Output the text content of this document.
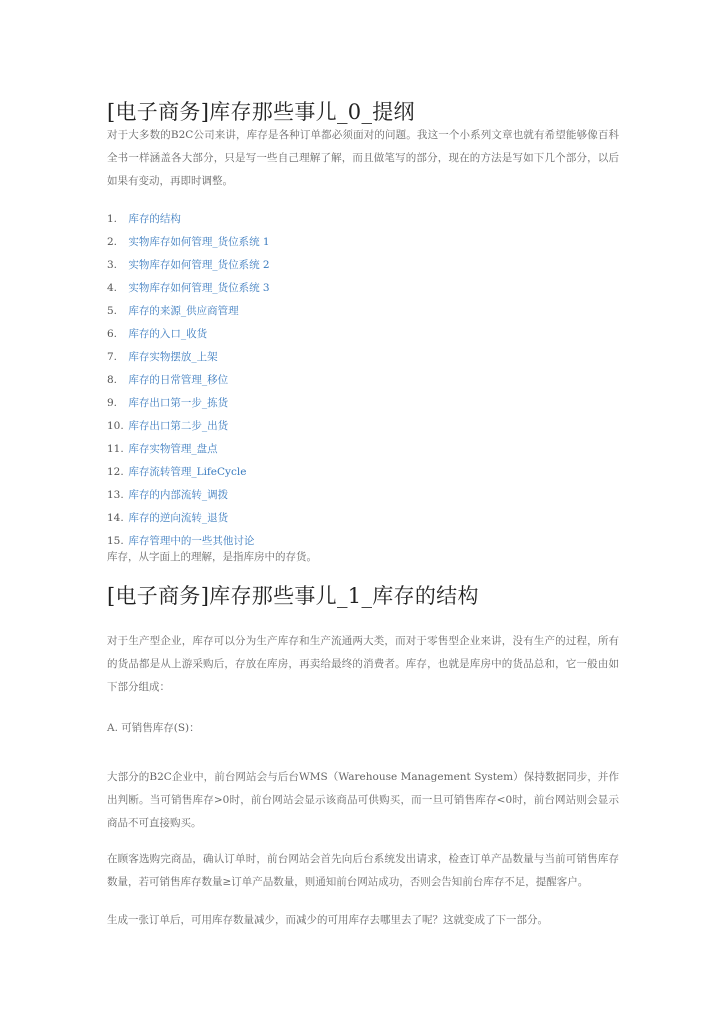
[电子商务]库存那些事儿_0_提纲

对于大多数的B2C公司来讲，库存是各种订单都必须面对的问题。我这一个小系列文章也就有希望能够像百科全书一样涵盖各大部分，只是写一些自己理解了解，而且做笔写的部分，现在的方法是写如下几个部分，以后如果有变动，再即时调整。

1. 库存的结构
2. 实物库存如何管理_货位系统 1
3. 实物库存如何管理_货位系统 2
4. 实物库存如何管理_货位系统 3
5. 库存的来源_供应商管理
6. 库存的入口_收货
7. 库存实物摆放_上架
8. 库存的日常管理_移位
9. 库存出口第一步_拣货
10. 库存出口第二步_出货
11. 库存实物管理_盘点
12. 库存流转管理_LifeCycle
13. 库存的内部流转_调拨
14. 库存的逆向流转_退货
15. 库存管理中的一些其他讨论

库存，从字面上的理解，是指库房中的存货。

[电子商务]库存那些事儿_1_库存的结构

对于生产型企业，库存可以分为生产库存和生产流通两大类，而对于零售型企业来讲，没有生产的过程，所有的货品都是从上游采购后，存放在库房，再卖给最终的消费者。库存，也就是库房中的货品总和，它一般由如下部分组成：

A. 可销售库存(S)：

大部分的B2C企业中，前台网站会与后台WMS（Warehouse Management System）保持数据同步，并作出判断。当可销售库存>0时，前台网站会显示该商品可供购买，而一旦可销售库存<0时，前台网站则会显示商品不可直接购买。

在顾客选购完商品，确认订单时，前台网站会首先向后台系统发出请求，检查订单产品数量与当前可销售库存数量，若可销售库存数量≥订单产品数量，则通知前台网站成功，否则会告知前台库存不足，提醒客户。

生成一张订单后，可用库存数量减少，而减少的可用库存去哪里去了呢？这就变成了下一部分。
